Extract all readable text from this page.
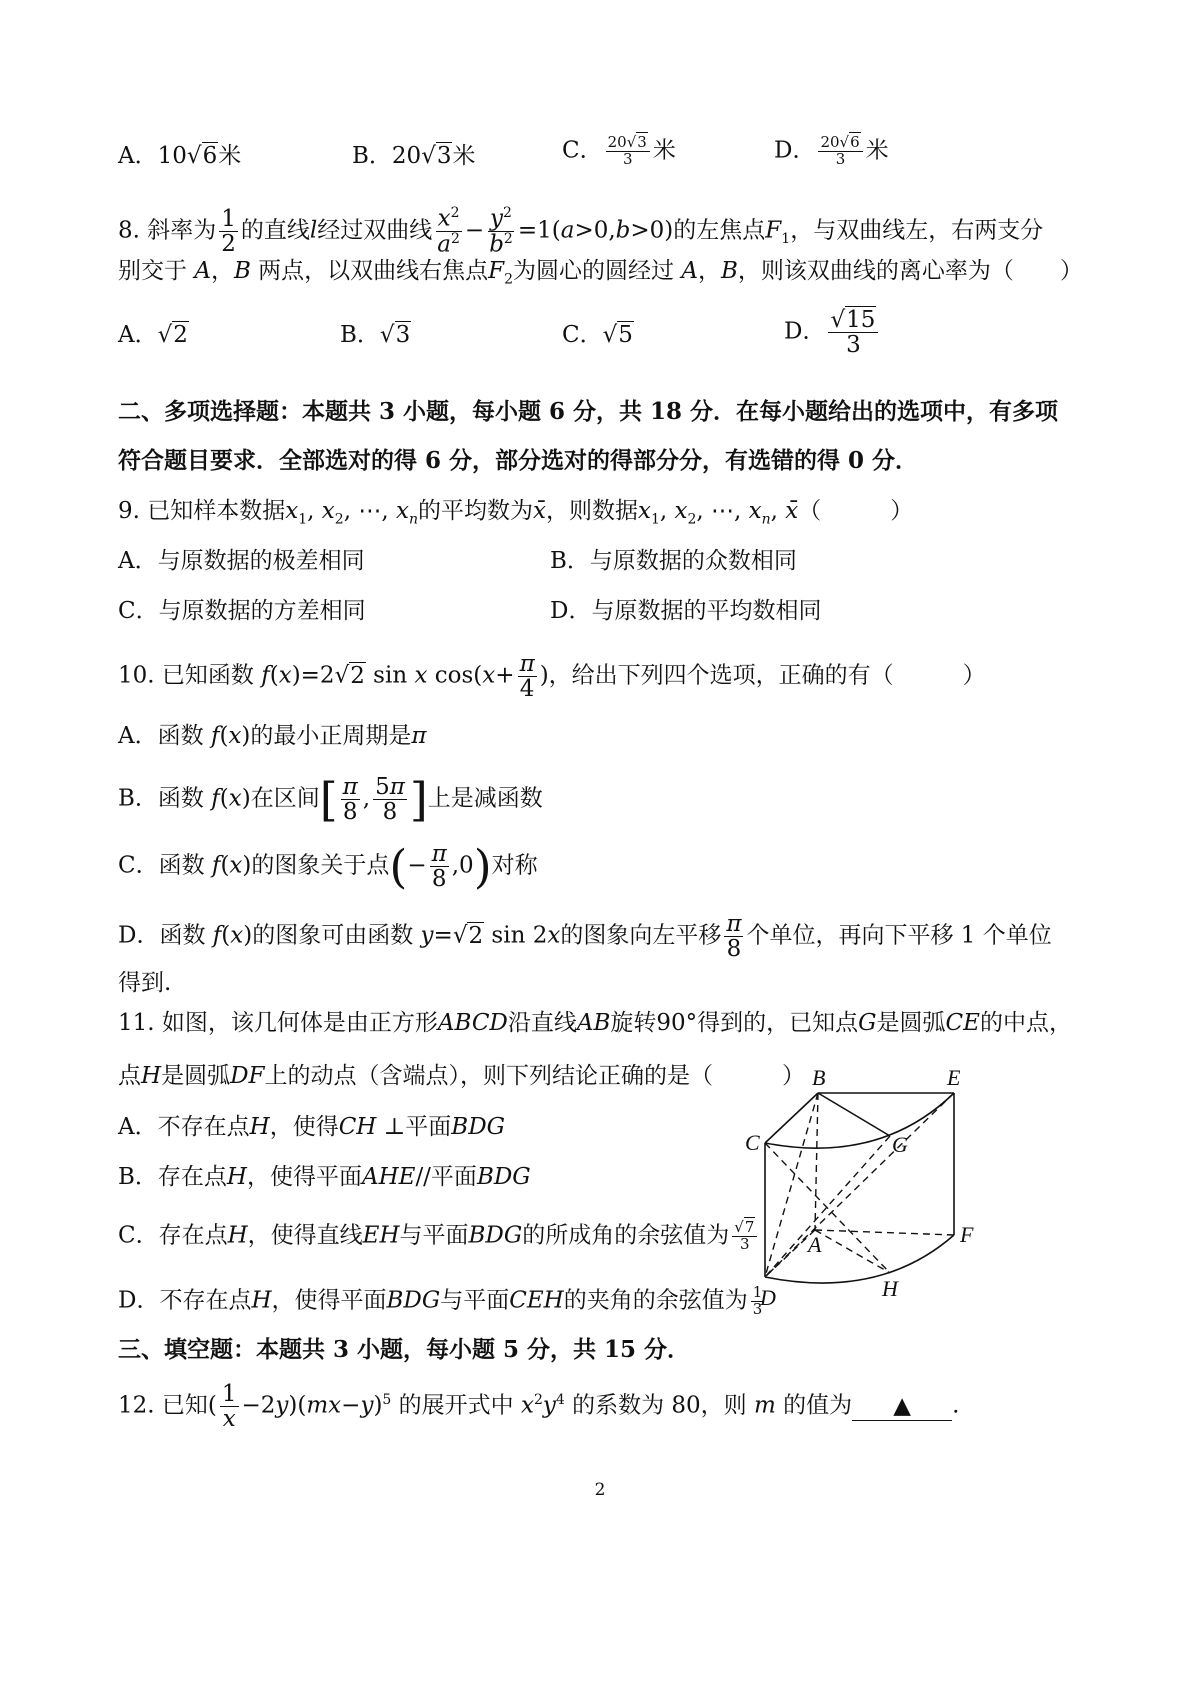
A．10√6米	B．20√3米	C． $\frac{20√3}{3}$ 米	D． $\frac{20√6}{3}$ 米
8. 斜率为 $\frac{1}{2}$ 的直线l经过双曲线 $\frac{x^2}{a^2} - \frac{y^2}{b^2} =1(a>0,b>0)$的左焦点$F_1$，与双曲线左，右两支分
别交于 A，B 两点，以双曲线右焦点$F_2$为圆心的圆经过 A，B，则该双曲线的离心率为（　　）
A．√2	B．√3	C．√5	D． $\frac{√15}{3}$
二、多项选择题：本题共 3 小题，每小题 6 分，共 18 分．在每小题给出的选项中，有多项
符合题目要求．全部选对的得 6 分，部分选对的得部分分，有选错的得 0 分．
9. 已知样本数据$x_1$, $x_2$, ⋯, $x_n$的平均数为x̄，则数据$x_1$, $x_2$, ⋯, $x_n$, x̄（　　　）
A．与原数据的极差相同	B．与原数据的众数相同
C．与原数据的方差相同	D．与原数据的平均数相同
10. 已知函数 f(x)=2√2 sin x $\cos(x+ \frac{\pi}{4}$ )，给出下列四个选项，正确的有（　　　）
A．函数 f(x)的最小正周期是π
B．函数 f(x)在区间[ $\frac{\pi}{8}$ , $\frac{5\pi}{8}$ ]上是减函数
C．函数 f(x)的图象关于点(− $\frac{\pi}{8} ,0$)对称
D．函数 f(x)的图象可由函数 y=√2 sin 2x的图象向左平移 $\frac{\pi}{8}$ 个单位，再向下平移 1 个单位
得到.
11. 如图，该几何体是由正方形ABCD沿直线AB旋转90°得到的，已知点G是圆弧CE的中点，
点H是圆弧DF上的动点（含端点），则下列结论正确的是（　　　）
A．不存在点H，使得CH ⊥平面BDG
B．存在点H，使得平面AHE//平面BDG
C．存在点H，使得直线EH与平面BDG的所成角的余弦值为 $\frac{√7}{3}$
D．不存在点H，使得平面BDG与平面CEH的夹角的余弦值为 $\frac{1}{3}$
B	E
C	G
A	F
D	H
三、填空题：本题共 3 小题，每小题 5 分，共 15 分．
12. 已知( $\frac{1}{x} -2y)(mx-y)^5$ 的展开式中 $x^2y^4$ 的系数为 80，则 m 的值为 ▲ .
2
